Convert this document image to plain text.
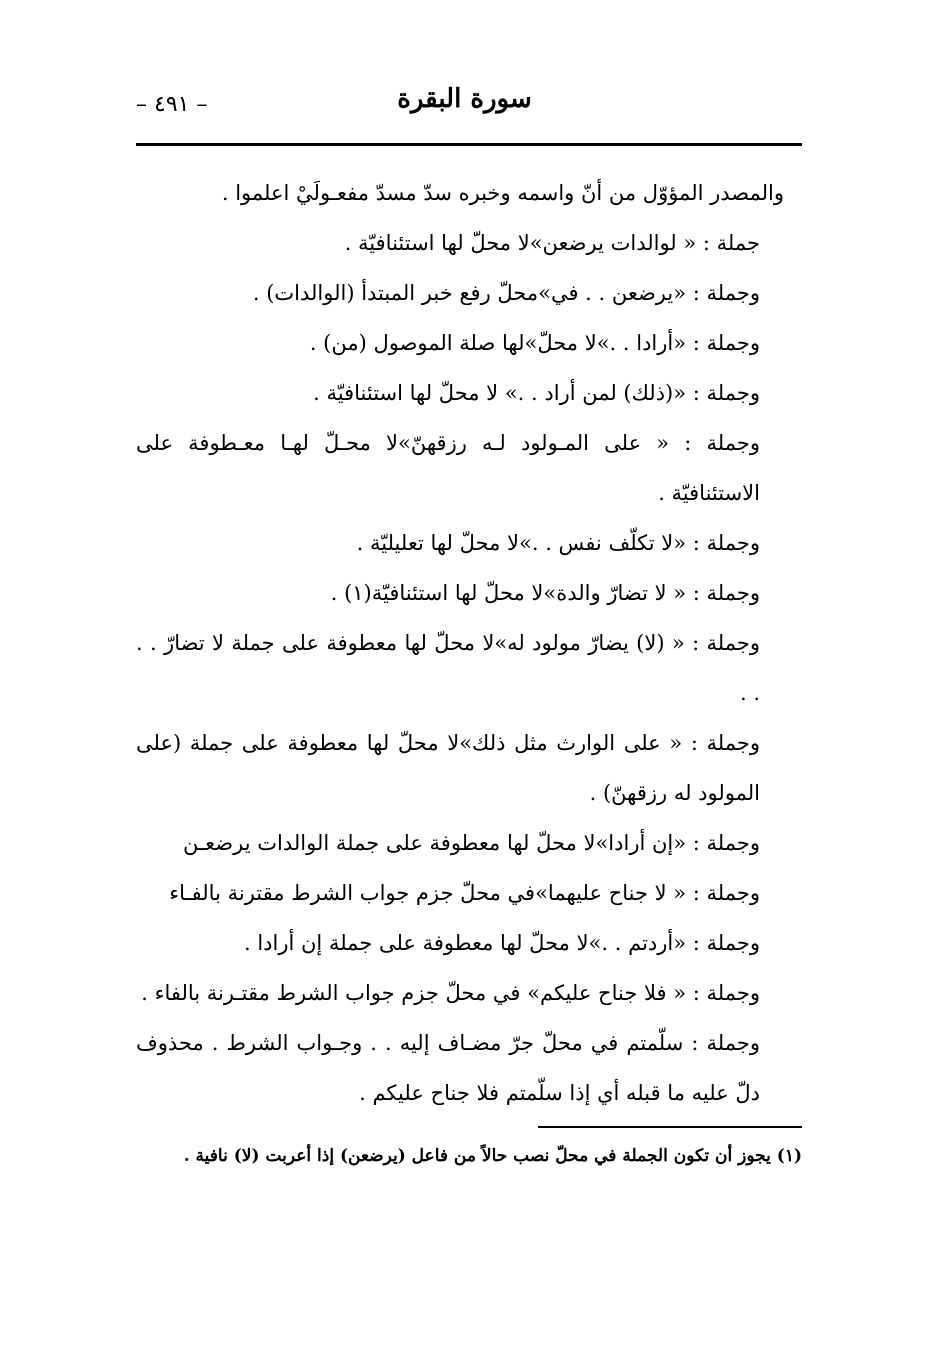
– ٤٩١ –	سورة البقرة

والمصدر المؤوّل من أنّ واسمه وخبره سدّ مسدّ مفعـولَيْ اعلموا .

جملة : « لوالدات يرضعن»لا محلّ لها استئنافيّة .

وجملة : «يرضعن . . في»محلّ رفع خبر المبتدأ (الوالدات) .

وجملة : «أرادا . .»لا محلّ»لها صلة الموصول (من) .

وجملة : «(ذلك) لمن أراد . .» لا محلّ لها استئنافيّة .

وجملة : « على المـولود لـه رزقهنّ»لا محـلّ لهـا معـطوفة على الاستئنافيّة .

وجملة : «لا تكلّف نفس . .»لا محلّ لها تعليليّة .

وجملة : « لا تضارّ والدة»لا محلّ لها استئنافيّة(١) .

وجملة : « (لا) يضارّ مولود له»لا محلّ لها معطوفة على جملة لا تضارّ . . . .

وجملة : « على الوارث مثل ذلك»لا محلّ لها معطوفة على جملة (على المولود له رزقهنّ) .

وجملة : «إن أرادا»لا محلّ لها معطوفة على جملة الوالدات يرضعـن

وجملة : « لا جناح عليهما»في محلّ جزم جواب الشرط مقترنة بالفـاء

وجملة : «أردتم . .»لا محلّ لها معطوفة على جملة إن أرادا .

وجملة : « فلا جناح عليكم» في محلّ جزم جواب الشرط مقتـرنة بالفاء .

وجملة : سلّمتم في محلّ جرّ مضـاف إليه . . وجـواب الشرط . محذوف دلّ عليه ما قبله أي إذا سلّمتم فلا جناح عليكم .

(١) يجوز أن تكون الجملة في محلّ نصب حالاً من فاعل (يرضعن) إذا أعربت (لا) نافية .
